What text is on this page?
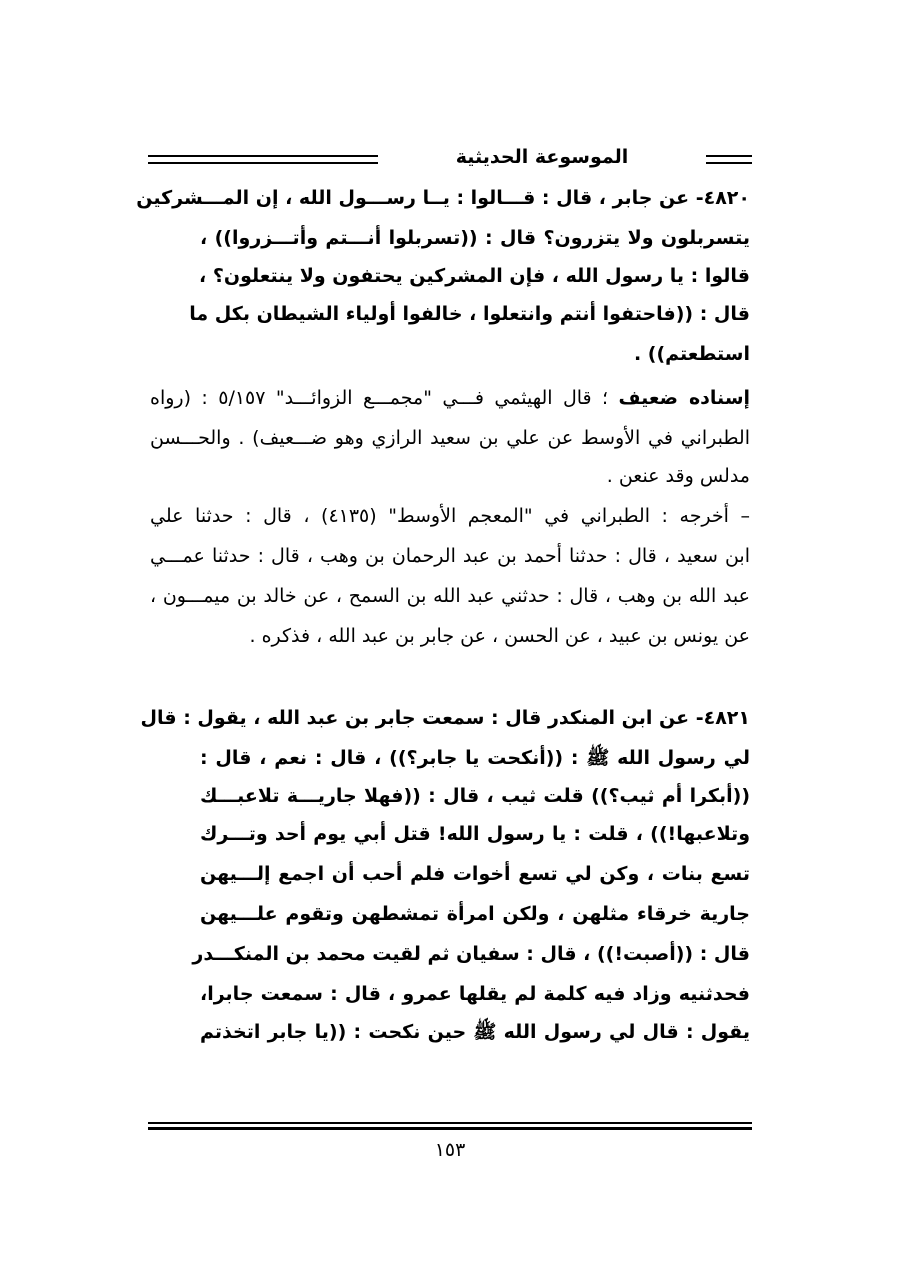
الموسوعة الحديثية
٤٨٢٠- عن جابر ، قال : قـــالوا : يــا رســـول الله ، إن المـــشركين
يتسربلون ولا يتزرون؟ قال : ((تسربلوا أنـــتم وأتـــزروا)) ،
قالوا : يا رسول الله ، فإن المشركين يحتفون ولا ينتعلون؟ ،
قال : ((فاحتفوا أنتم وانتعلوا ، خالفوا أولياء الشيطان بكل ما
استطعتم)) .
إسناده ضعيف ؛ قال الهيثمي فـــي "مجمـــع الزوائـــد" ٥/١٥٧ : (رواه
الطبراني في الأوسط عن علي بن سعيد الرازي وهو ضـــعيف) . والحـــسن
مدلس وقد عنعن .
– أخرجه : الطبراني في "المعجم الأوسط" (٤١٣٥) ، قال : حدثنا علي
ابن سعيد ، قال : حدثنا أحمد بن عبد الرحمان بن وهب ، قال : حدثنا عمـــي
عبد الله بن وهب ، قال : حدثني عبد الله بن السمح ، عن خالد بن ميمـــون ،
عن يونس بن عبيد ، عن الحسن ، عن جابر بن عبد الله ، فذكره .
٤٨٢١- عن ابن المنكدر قال : سمعت جابر بن عبد الله ، يقول : قال
لي رسول الله ﷺ : ((أنكحت يا جابر؟)) ، قال : نعم ، قال :
((أبكرا أم ثيب؟)) قلت ثيب ، قال : ((فهلا جاريـــة تلاعبـــك
وتلاعبها!)) ، قلت : يا رسول الله! قتل أبي يوم أحد وتـــرك
تسع بنات ، وكن لي تسع أخوات فلم أحب أن اجمع إلـــيهن
جارية خرقاء مثلهن ، ولكن امرأة تمشطهن وتقوم علـــيهن
قال : ((أصبت!)) ، قال : سفيان ثم لقيت محمد بن المنكـــدر
فحدثنيه وزاد فيه كلمة لم يقلها عمرو ، قال : سمعت جابرا،
يقول : قال لي رسول الله ﷺ حين نكحت : ((يا جابر اتخذتم
١٥٣
